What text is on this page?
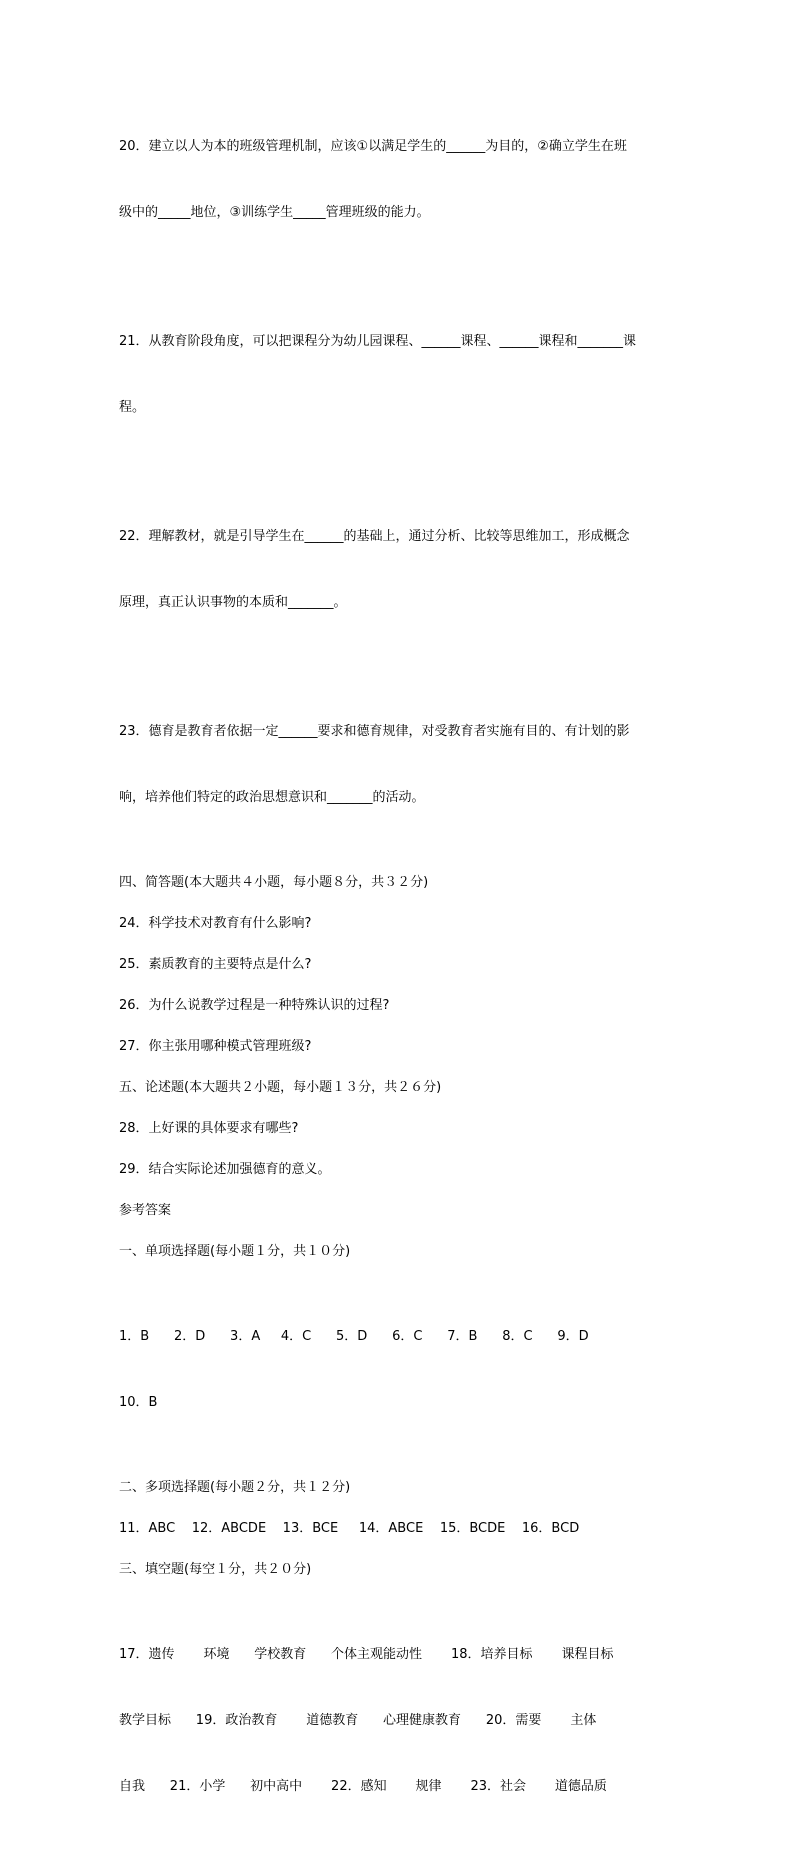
20．建立以人为本的班级管理机制，应该①以满足学生的______为目的，②确立学生在班

级中的_____地位，③训练学生_____管理班级的能力。

21．从教育阶段角度，可以把课程分为幼儿园课程、______课程、______课程和_______课

程。

22．理解教材，就是引导学生在______的基础上，通过分析、比较等思维加工，形成概念

原理，真正认识事物的本质和_______。

23．德育是教育者依据一定______要求和德育规律，对受教育者实施有目的、有计划的影

响，培养他们特定的政治思想意识和_______的活动。

四、简答题(本大题共４小题，每小题８分，共３２分)

24．科学技术对教育有什么影响?

25．素质教育的主要特点是什么?

26．为什么说教学过程是一种特殊认识的过程?

27．你主张用哪种模式管理班级?

五、论述题(本大题共２小题，每小题１３分，共２６分)

28．上好课的具体要求有哪些?

29．结合实际论述加强德育的意义。

参考答案

一、单项选择题(每小题１分，共１０分)

1．B      2．D      3．A     4．C      5．D      6．C      7．B      8．C      9．D

10．B

二、多项选择题(每小题２分，共１２分)

11．ABC    12．ABCDE    13．BCE     14．ABCE    15．BCDE    16．BCD

三、填空题(每空１分，共２０分)

17．遗传       环境      学校教育      个体主观能动性       18．培养目标       课程目标

教学目标      19．政治教育       道德教育      心理健康教育      20．需要       主体

自我      21．小学      初中高中       22．感知       规律       23．社会       道德品质
